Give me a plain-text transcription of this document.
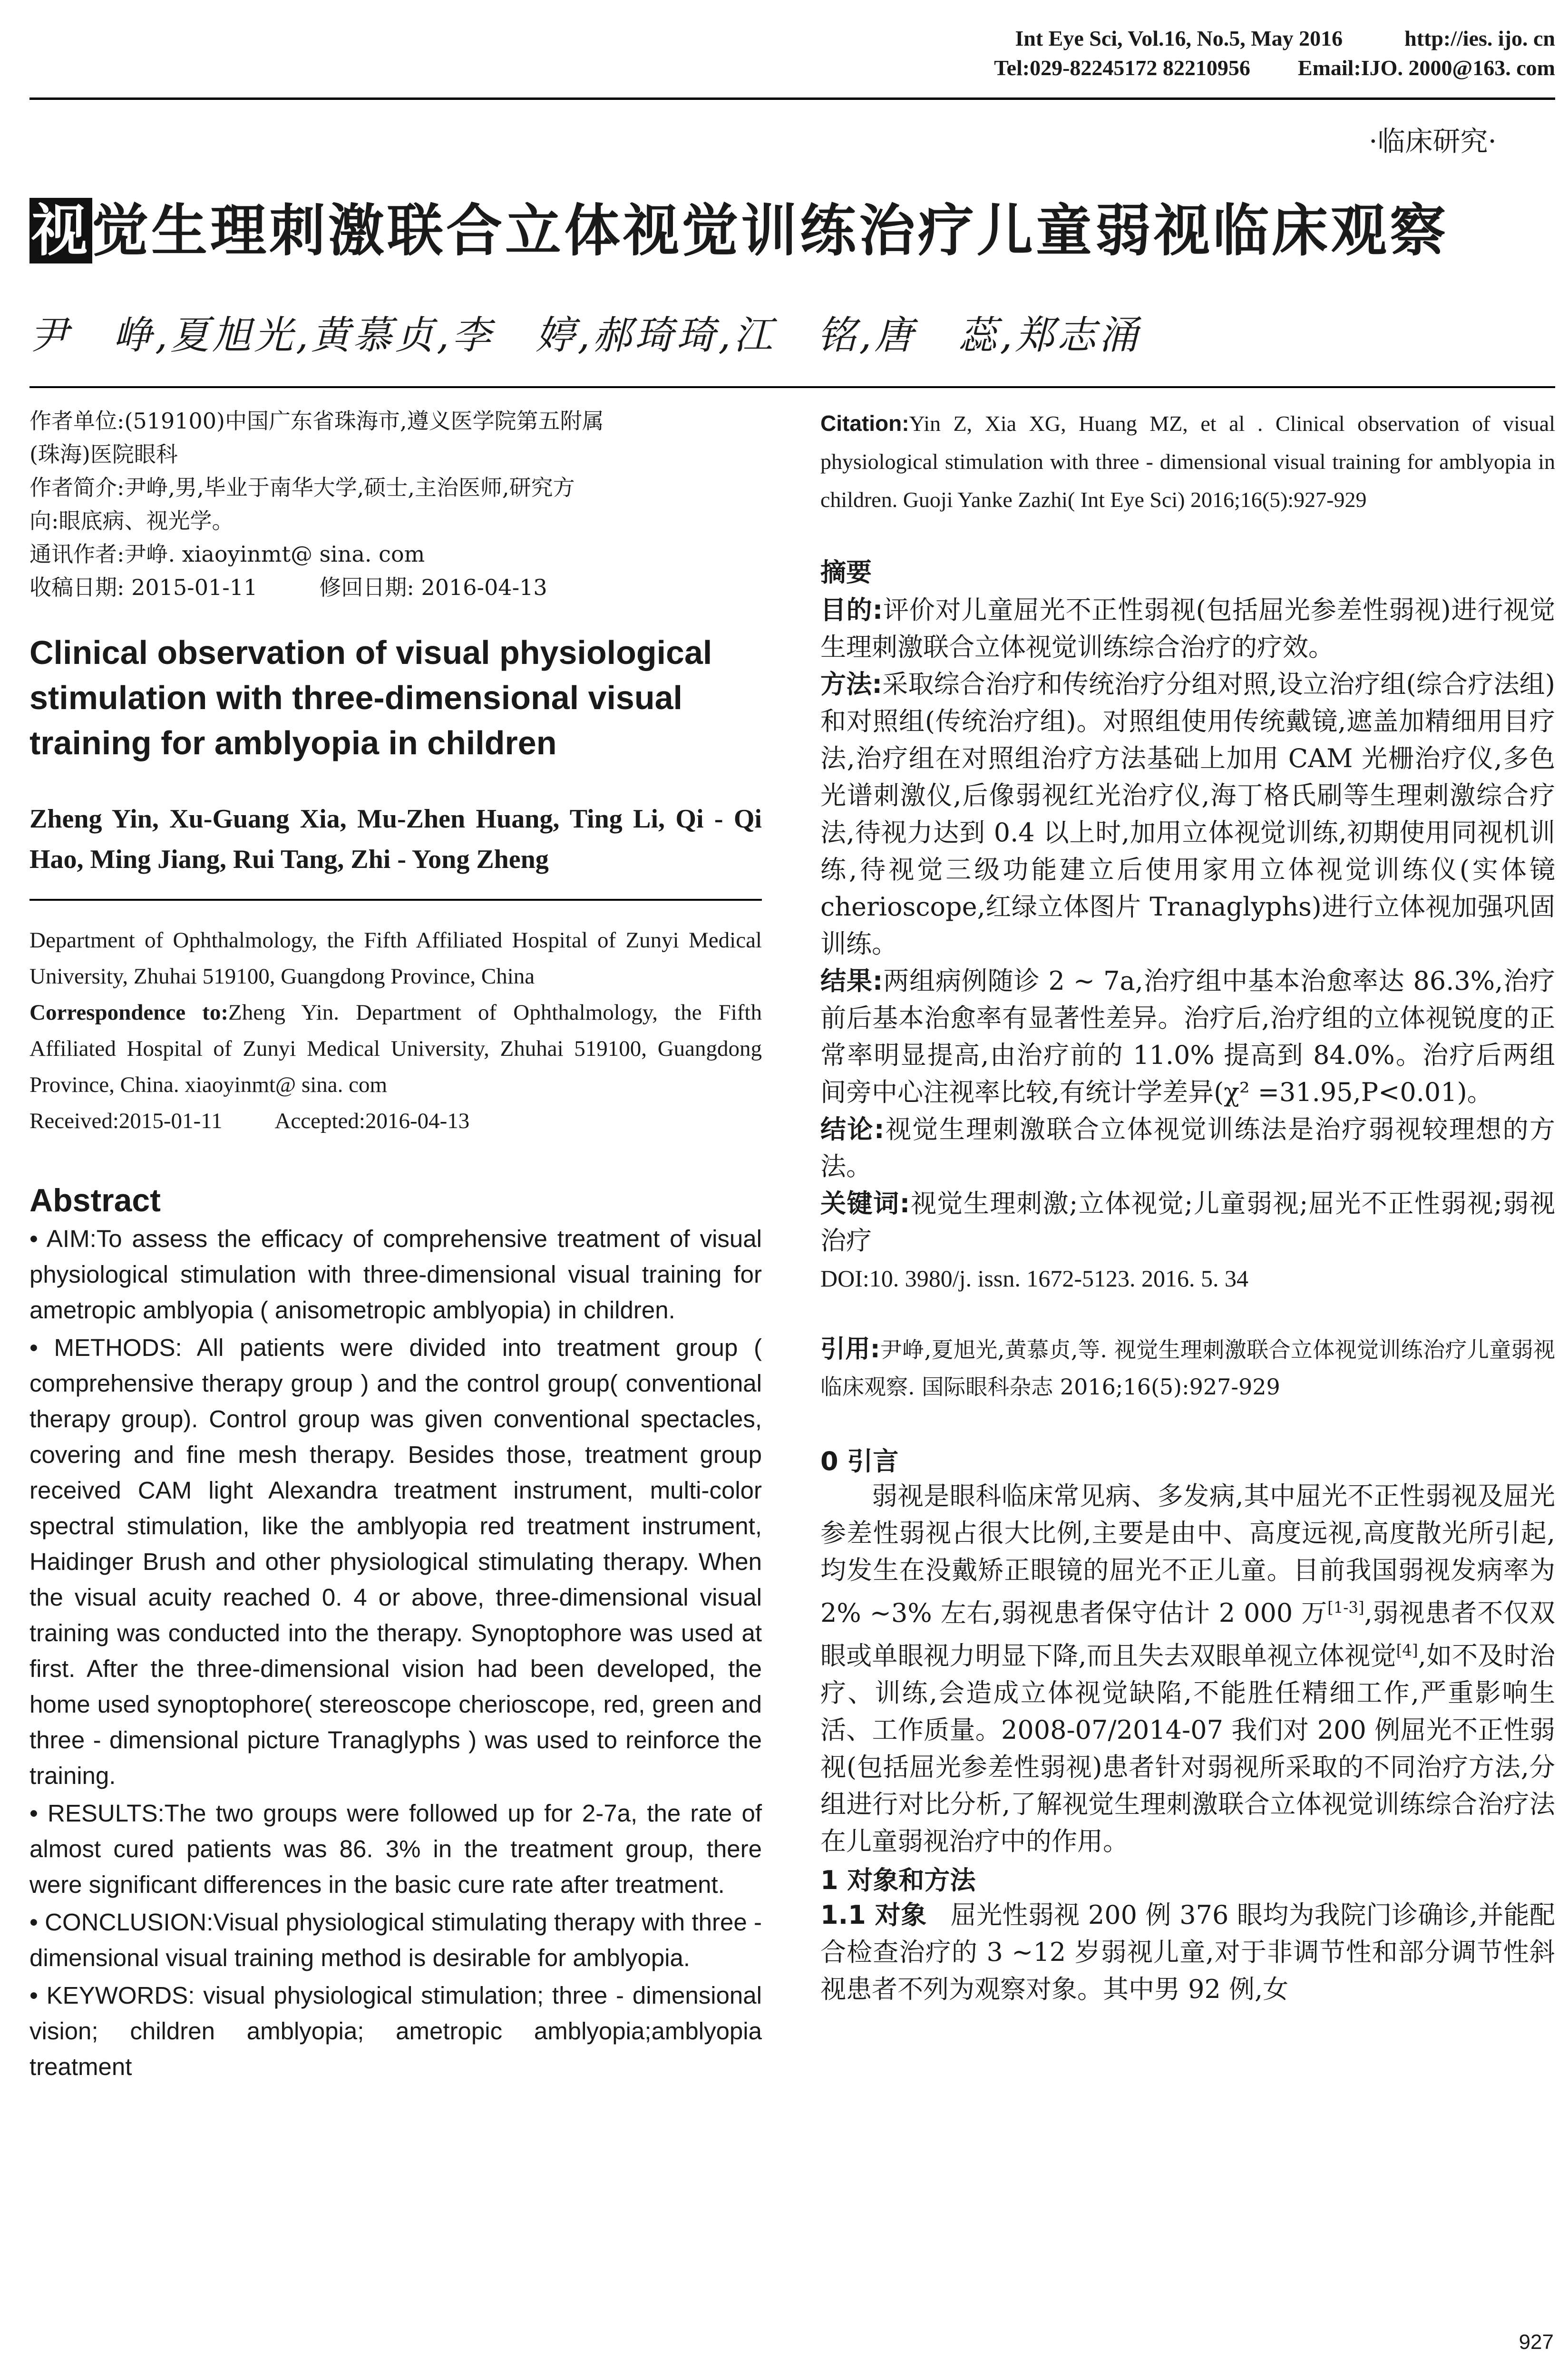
Int Eye Sci, Vol.16, No.5, May 2016	http://ies. ijo. cn
Tel:029-82245172 82210956 Email:IJO. 2000@163. com
·临床研究·
视觉生理刺激联合立体视觉训练治疗儿童弱视临床观察
尹　峥,夏旭光,黄慕贞,李　婷,郝琦琦,江　铭,唐　蕊,郑志涌
作者单位:(519100)中国广东省珠海市,遵义医学院第五附属
(珠海)医院眼科
作者简介:尹峥,男,毕业于南华大学,硕士,主治医师,研究方
向:眼底病、视光学。
通讯作者:尹峥. xiaoyinmt@ sina. com
收稿日期: 2015-01-11	修回日期: 2016-04-13
Clinical observation of visual physiological stimulation with three-dimensional visual training for amblyopia in children
Zheng Yin, Xu-Guang Xia, Mu-Zhen Huang, Ting Li, Qi - Qi Hao, Ming Jiang, Rui Tang, Zhi - Yong Zheng
Department of Ophthalmology, the Fifth Affiliated Hospital of Zunyi Medical University, Zhuhai 519100, Guangdong Province, China
Correspondence to:Zheng Yin. Department of Ophthalmology, the Fifth Affiliated Hospital of Zunyi Medical University, Zhuhai 519100, Guangdong Province, China. xiaoyinmt@ sina. com
Received:2015-01-11 Accepted:2016-04-13
Abstract
• AIM:To assess the efficacy of comprehensive treatment of visual physiological stimulation with three-dimensional visual training for ametropic amblyopia ( anisometropic amblyopia) in children.
• METHODS: All patients were divided into treatment group ( comprehensive therapy group ) and the control group( conventional therapy group). Control group was given conventional spectacles, covering and fine mesh therapy. Besides those, treatment group received CAM light Alexandra treatment instrument, multi-color spectral stimulation, like the amblyopia red treatment instrument, Haidinger Brush and other physiological stimulating therapy. When the visual acuity reached 0. 4 or above, three-dimensional visual training was conducted into the therapy. Synoptophore was used at first. After the three-dimensional vision had been developed, the home used synoptophore( stereoscope cherioscope, red, green and three - dimensional picture Tranaglyphs ) was used to reinforce the training.
• RESULTS:The two groups were followed up for 2-7a, the rate of almost cured patients was 86. 3% in the treatment group, there were significant differences in the basic cure rate after treatment.
• CONCLUSION:Visual physiological stimulating therapy with three - dimensional visual training method is desirable for amblyopia.
• KEYWORDS: visual physiological stimulation; three - dimensional vision; children amblyopia; ametropic amblyopia;amblyopia treatment
Citation:Yin Z, Xia XG, Huang MZ, et al . Clinical observation of visual physiological stimulation with three - dimensional visual training for amblyopia in children. Guoji Yanke Zazhi( Int Eye Sci) 2016;16(5):927-929
摘要
目的:评价对儿童屈光不正性弱视(包括屈光参差性弱视)进行视觉生理刺激联合立体视觉训练综合治疗的疗效。
方法:采取综合治疗和传统治疗分组对照,设立治疗组(综合疗法组)和对照组(传统治疗组)。对照组使用传统戴镜,遮盖加精细用目疗法,治疗组在对照组治疗方法基础上加用 CAM 光栅治疗仪,多色光谱刺激仪,后像弱视红光治疗仪,海丁格氏刷等生理刺激综合疗法,待视力达到 0.4 以上时,加用立体视觉训练,初期使用同视机训练,待视觉三级功能建立后使用家用立体视觉训练仪(实体镜 cherioscope,红绿立体图片 Tranaglyphs)进行立体视加强巩固训练。
结果:两组病例随诊 2 ~ 7a,治疗组中基本治愈率达 86.3%,治疗前后基本治愈率有显著性差异。治疗后,治疗组的立体视锐度的正常率明显提高,由治疗前的 11.0% 提高到 84.0%。治疗后两组间旁中心注视率比较,有统计学差异(χ² =31.95,P<0.01)。
结论:视觉生理刺激联合立体视觉训练法是治疗弱视较理想的方法。
关键词:视觉生理刺激;立体视觉;儿童弱视;屈光不正性弱视;弱视治疗
DOI:10. 3980/j. issn. 1672-5123. 2016. 5. 34
引用:尹峥,夏旭光,黄慕贞,等. 视觉生理刺激联合立体视觉训练治疗儿童弱视临床观察. 国际眼科杂志 2016;16(5):927-929
0 引言
弱视是眼科临床常见病、多发病,其中屈光不正性弱视及屈光参差性弱视占很大比例,主要是由中、高度远视,高度散光所引起,均发生在没戴矫正眼镜的屈光不正儿童。目前我国弱视发病率为 2% ~3% 左右,弱视患者保守估计 2 000 万[1-3],弱视患者不仅双眼或单眼视力明显下降,而且失去双眼单视立体视觉[4],如不及时治疗、训练,会造成立体视觉缺陷,不能胜任精细工作,严重影响生活、工作质量。2008-07/2014-07 我们对 200 例屈光不正性弱视(包括屈光参差性弱视)患者针对弱视所采取的不同治疗方法,分组进行对比分析,了解视觉生理刺激联合立体视觉训练综合治疗法在儿童弱视治疗中的作用。
1 对象和方法
1.1 对象 屈光性弱视 200 例 376 眼均为我院门诊确诊,并能配合检查治疗的 3 ~12 岁弱视儿童,对于非调节性和部分调节性斜视患者不列为观察对象。其中男 92 例,女
927
